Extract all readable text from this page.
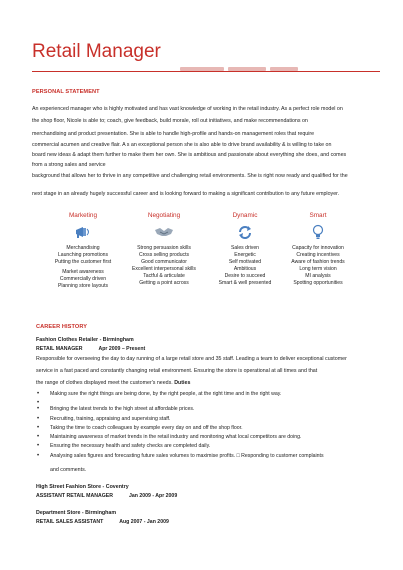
Retail Manager
PERSONAL STATEMENT
An experienced manager who is highly motivated and has vast knowledge of working in the retail industry. As a perfect role model on
the shop floor, Nicole is able to; coach, give feedback, build morale, roll out initiatives, and make recommendations on
merchandising and product presentation. She is able to handle high-profile and hands-on management roles that require
commercial acumen and creative flair. A s an exceptional person she is also able to drive brand availability & is willing to take on
board new ideas & adapt them further to make them her own. She is ambitious and passionate about everything she does, and comes
from a strong sales and service
background that allows her to thrive in any competitive and challenging retail environments. She is right now ready and qualified for the
next stage in an already hugely successful career and is looking forward to making a significant contribution to any future employer.
Marketing
Merchandising
Launching promotions
Putting the customer first
Market awareness
Commercially driven
Planning store layouts
Negotiating
Strong persuasion skills
Cross selling products
Good communicator
Excellent interpersonal skills
Tactful & articulate
Getting a point across
Dynamic
Sales driven
Energetic
Self motivated
Ambitious
Desire to succeed
Smart & well presented
Smart
Capacity for innovation
Creating incentives
Aware of fashion trends
Long term vision
MI analysis
Spotting opportunities
CAREER HISTORY
Fashion Clothes Retailer - Birmingham
RETAIL MANAGER	Apr 2009 – Present
Responsible for overseeing the day to day running of a large retail store and 35 staff. Leading a team to deliver exceptional customer
service in a fast paced and constantly changing retail environment. Ensuring the store is operational at all times and that
the range of clothes displayed meet the customer's needs. Duties
• Making sure the right things are being done, by the right people, at the right time and in the right way.
•
• Bringing the latest trends to the high street at affordable prices.
• Recruiting, training, appraising and supervising staff.
• Taking the time to coach colleagues by example every day on and off the shop floor.
• Maintaining awareness of market trends in the retail industry and monitoring what local competitors are doing.
• Ensuring the necessary health and safety checks are completed daily.
• Analysing sales figures and forecasting future sales volumes to maximise profits. □ Responding to customer complaints
and comments.
High Street Fashion Store - Coventry
ASSISTANT RETAIL MANAGER	Jan 2009 - Apr 2009
Department Store - Birmingham
RETAIL SALES ASSISTANT	Aug 2007 - Jan 2009
